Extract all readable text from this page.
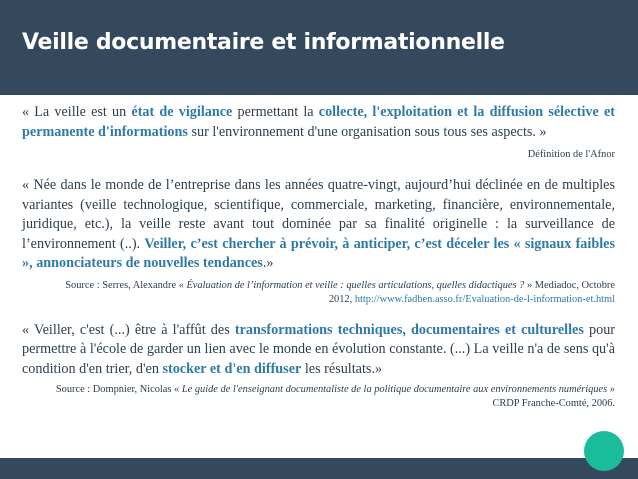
Veille documentaire et informationnelle

« La veille est un état de vigilance permettant la collecte, l'exploitation et la diffusion sélective et permanente d'informations sur l'environnement d'une organisation sous tous ses aspects. »

Définition de l'Afnor

« Née dans le monde de l’entreprise dans les années quatre-vingt, aujourd’hui déclinée en de multiples variantes (veille technologique, scientifique, commerciale, marketing, financière, environnementale, juridique, etc.), la veille reste avant tout dominée par sa finalité originelle : la surveillance de l’environnement (..). Veiller, c’est chercher à prévoir, à anticiper, c’est déceler les « signaux faibles », annonciateurs de nouvelles tendances.»

Source : Serres, Alexandre « Évaluation de l’information et veille : quelles articulations, quelles didactiques ? » Mediadoc, Octobre 2012, http://www.fadben.asso.fr/Evaluation-de-l-information-et.html

« Veiller, c'est (...) être à l'affût des transformations techniques, documentaires et culturelles pour permettre à l'école de garder un lien avec le monde en évolution constante. (...) La veille n'a de sens qu'à condition d'en trier, d'en stocker et d'en diffuser les résultats.»

Source : Dompnier, Nicolas « Le guide de l'enseignant documentaliste de la politique documentaire aux environnements numériques » CRDP Franche-Comté, 2006.
